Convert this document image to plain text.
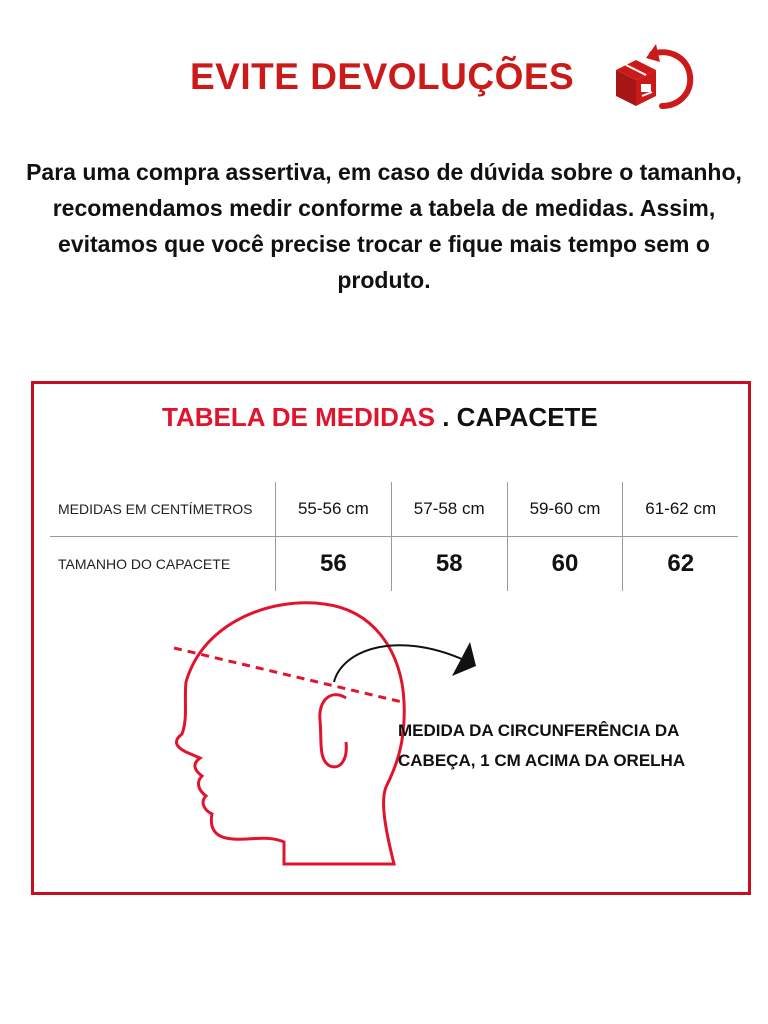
EVITE DEVOLUÇÕES
Para uma compra assertiva, em caso de dúvida sobre o tamanho, recomendamos medir conforme a tabela de medidas. Assim, evitamos que você precise trocar e fique mais tempo sem o produto.
TABELA DE MEDIDAS . CAPACETE
MEDIDAS EM CENTÍMETROS	55-56 cm	57-58 cm	59-60 cm	61-62 cm
TAMANHO DO CAPACETE	56	58	60	62
MEDIDA DA CIRCUNFERÊNCIA DA
CABEÇA, 1 CM ACIMA DA ORELHA
